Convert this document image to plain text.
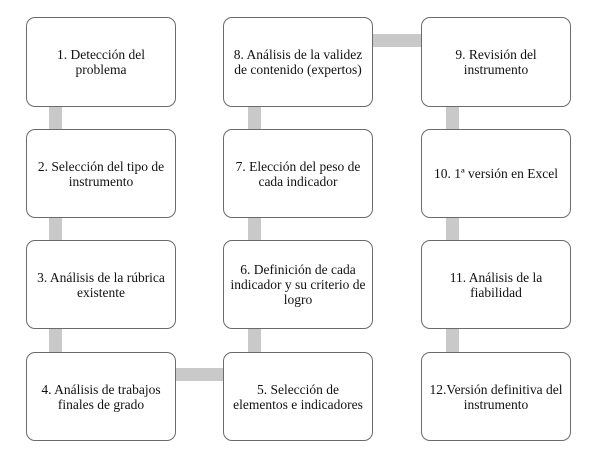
1. Detección del problema
2. Selección del tipo de instrumento
3. Análisis de la rúbrica existente
4. Análisis de trabajos finales de grado
8. Análisis de la validez de contenido (expertos)
7. Elección del peso de cada indicador
6. Definición de cada indicador y su criterio de logro
5. Selección de elementos e indicadores
9. Revisión del instrumento
10. 1ª versión en Excel
11. Análisis de la fiabilidad
12.Versión definitiva del instrumento
